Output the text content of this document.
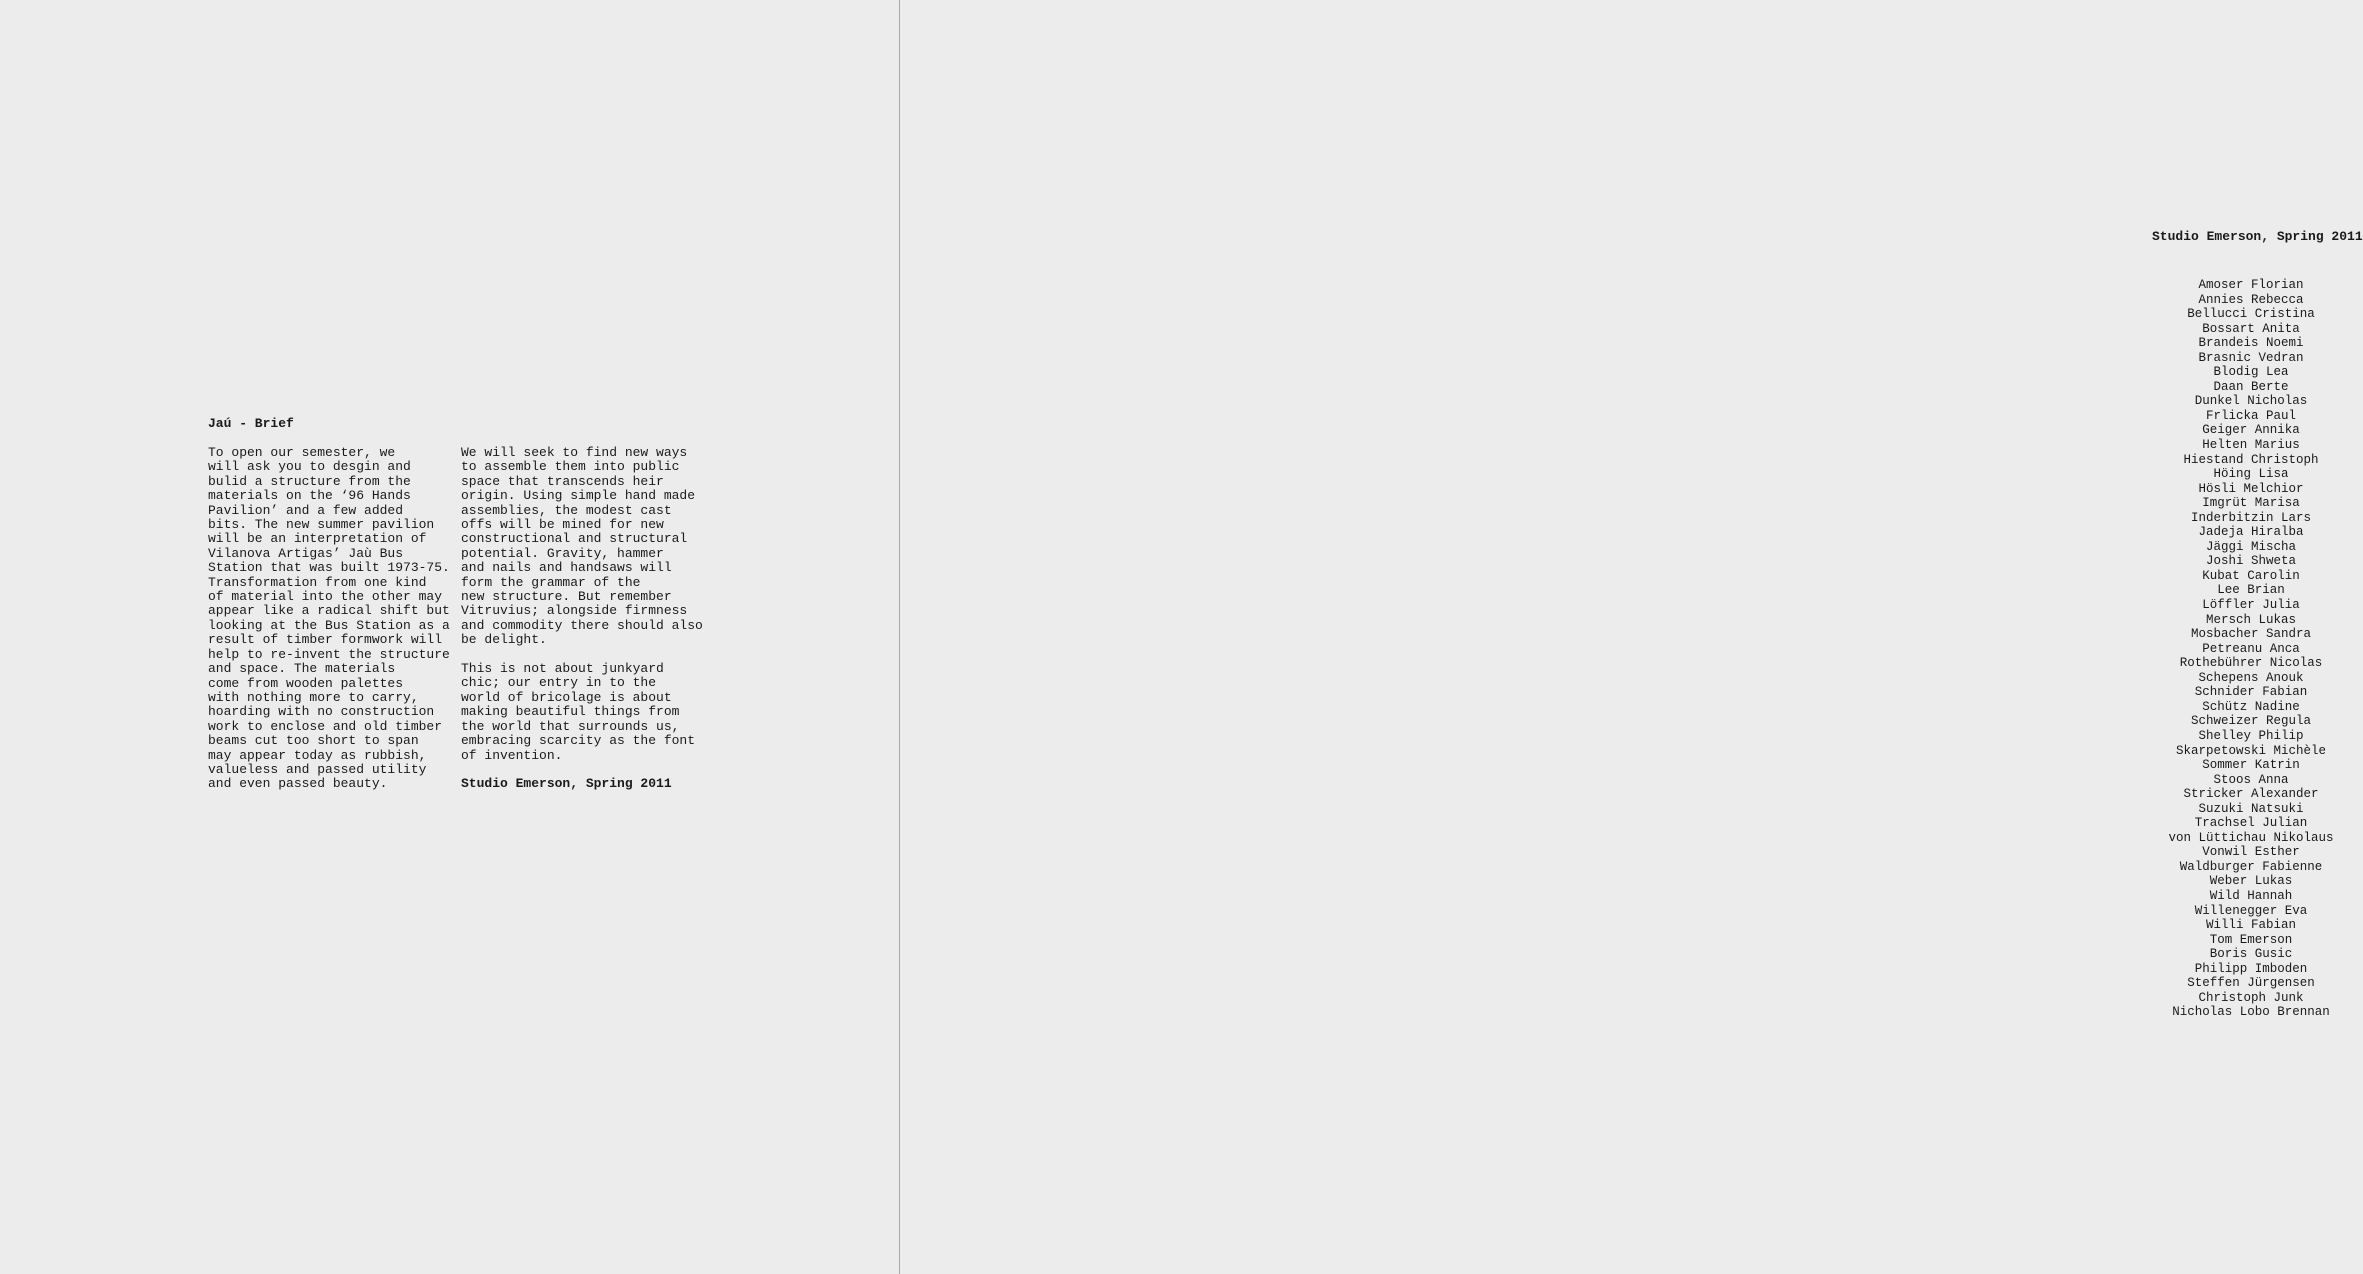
Jaú - Brief

To open our semester, we
will ask you to desgin and
bulid a structure from the
materials on the ‘96 Hands
Pavilion’ and a few added
bits. The new summer pavilion
will be an interpretation of
Vilanova Artigas’ Jaù Bus
Station that was built 1973-75.
Transformation from one kind
of material into the other may
appear like a radical shift but
looking at the Bus Station as a
result of timber formwork will
help to re-invent the structure
and space. The materials
come from wooden palettes
with nothing more to carry,
hoarding with no construction
work to enclose and old timber
beams cut too short to span
may appear today as rubbish,
valueless and passed utility
and even passed beauty.

We will seek to find new ways
to assemble them into public
space that transcends heir
origin. Using simple hand made
assemblies, the modest cast
offs will be mined for new
constructional and structural
potential. Gravity, hammer
and nails and handsaws will
form the grammar of the
new structure. But remember
Vitruvius; alongside firmness
and commodity there should also
be delight.

This is not about junkyard
chic; our entry in to the
world of bricolage is about
making beautiful things from
the world that surrounds us,
embracing scarcity as the font
of invention.

Studio Emerson, Spring 2011

Studio Emerson, Spring 2011
Amoser Florian
Annies Rebecca
Bellucci Cristina
Bossart Anita
Brandeis Noemi
Brasnic Vedran
Blodig Lea
Daan Berte
Dunkel Nicholas
Frlicka Paul
Geiger Annika
Helten Marius
Hiestand Christoph
Höing Lisa
Hösli Melchior
Imgrüt Marisa
Inderbitzin Lars
Jadeja Hiralba
Jäggi Mischa
Joshi Shweta
Kubat Carolin
Lee Brian
Löffler Julia
Mersch Lukas
Mosbacher Sandra
Petreanu Anca
Rothebührer Nicolas
Schepens Anouk
Schnider Fabian
Schütz Nadine
Schweizer Regula
Shelley Philip
Skarpetowski Michèle
Sommer Katrin
Stoos Anna
Stricker Alexander
Suzuki Natsuki
Trachsel Julian
von Lüttichau Nikolaus
Vonwil Esther
Waldburger Fabienne
Weber Lukas
Wild Hannah
Willenegger Eva
Willi Fabian
Tom Emerson
Boris Gusic
Philipp Imboden
Steffen Jürgensen
Christoph Junk
Nicholas Lobo Brennan
